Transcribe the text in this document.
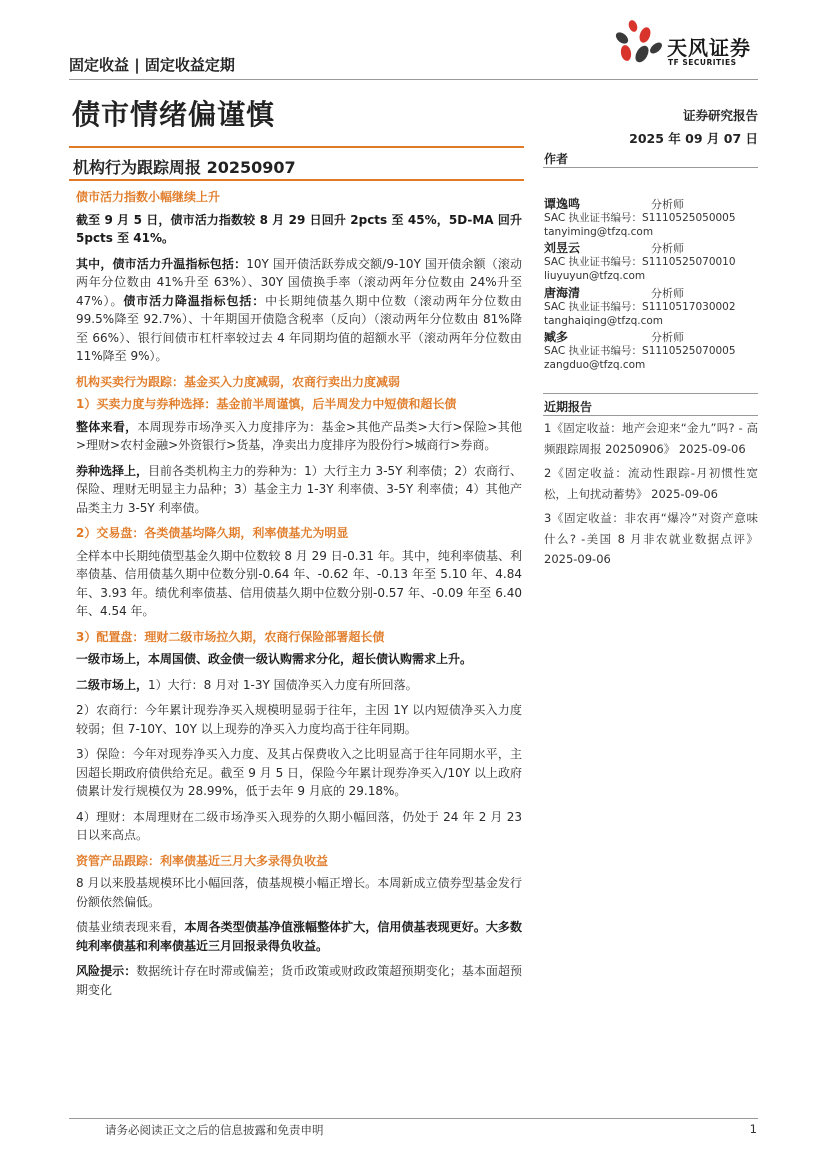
固定收益 | 固定收益定期
天风证券
TF SECURITIES
债市情绪偏谨慎	证券研究报告
2025 年 09 月 07 日
机构行为跟踪周报 20250907

债市活力指数小幅继续上升

截至 9 月 5 日，债市活力指数较 8 月 29 日回升 2pcts 至 45%，5D-MA 回升 5pcts 至 41%。

其中，债市活力升温指标包括：10Y 国开债活跃券成交额/9-10Y 国开债余额（滚动两年分位数由 41%升至 63%）、30Y 国债换手率（滚动两年分位数由 24%升至 47%）。债市活力降温指标包括：中长期纯债基久期中位数（滚动两年分位数由 99.5%降至 92.7%）、十年期国开债隐含税率（反向）（滚动两年分位数由 81%降至 66%）、银行间债市杠杆率较过去 4 年同期均值的超额水平（滚动两年分位数由 11%降至 9%）。

机构买卖行为跟踪：基金买入力度减弱，农商行卖出力度减弱

1）买卖力度与券种选择：基金前半周谨慎，后半周发力中短债和超长债

整体来看，本周现券市场净买入力度排序为：基金>其他产品类>大行>保险>其他>理财>农村金融>外资银行>货基，净卖出力度排序为股份行>城商行>券商。

券种选择上，目前各类机构主力的券种为：1）大行主力 3-5Y 利率债；2）农商行、保险、理财无明显主力品种；3）基金主力 1-3Y 利率债、3-5Y 利率债；4）其他产品类主力 3-5Y 利率债。

2）交易盘：各类债基均降久期，利率债基尤为明显

全样本中长期纯债型基金久期中位数较 8 月 29 日-0.31 年。其中，纯利率债基、利率债基、信用债基久期中位数分别-0.64 年、-0.62 年、-0.13 年至 5.10 年、4.84 年、3.93 年。绩优利率债基、信用债基久期中位数分别-0.57 年、-0.09 年至 6.40 年、4.54 年。

3）配置盘：理财二级市场拉久期，农商行保险部署超长债

一级市场上，本周国债、政金债一级认购需求分化，超长债认购需求上升。

二级市场上，1）大行：8 月对 1-3Y 国债净买入力度有所回落。

2）农商行：今年累计现券净买入规模明显弱于往年，主因 1Y 以内短债净买入力度较弱；但 7-10Y、10Y 以上现券的净买入力度均高于往年同期。

3）保险：今年对现券净买入力度、及其占保费收入之比明显高于往年同期水平，主因超长期政府债供给充足。截至 9 月 5 日，保险今年累计现券净买入/10Y 以上政府债累计发行规模仅为 28.99%，低于去年 9 月底的 29.18%。

4）理财：本周理财在二级市场净买入现券的久期小幅回落，仍处于 24 年 2 月 23 日以来高点。

资管产品跟踪：利率债基近三月大多录得负收益

8 月以来股基规模环比小幅回落，债基规模小幅正增长。本周新成立债券型基金发行份额依然偏低。

债基业绩表现来看，本周各类型债基净值涨幅整体扩大，信用债基表现更好。大多数纯利率债基和利率债基近三月回报录得负收益。

风险提示：数据统计存在时滞或偏差；货币政策或财政政策超预期变化；基本面超预期变化

作者
谭逸鸣	分析师
SAC 执业证书编号：S1110525050005
tanyiming@tfzq.com
刘昱云	分析师
SAC 执业证书编号：S1110525070010
liuyuyun@tfzq.com
唐海清	分析师
SAC 执业证书编号：S1110517030002
tanghaiqing@tfzq.com
臧多	分析师
SAC 执业证书编号：S1110525070005
zangduo@tfzq.com
近期报告

1《固定收益：地产会迎来“金九”吗? - 高频跟踪周报 20250906》 2025-09-06

2《固定收益：流动性跟踪-月初惯性宽松，上旬扰动蓄势》 2025-09-06

3《固定收益：非农再“爆冷”对资产意味什么? -美国 8 月非农就业数据点评》 2025-09-06

请务必阅读正文之后的信息披露和免责申明	1
